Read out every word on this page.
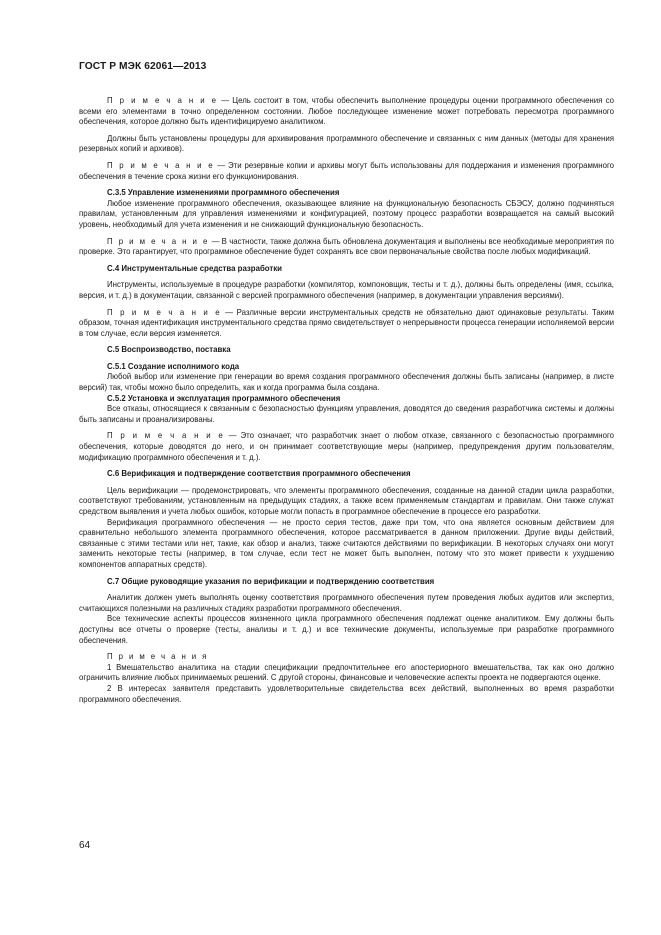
ГОСТ Р МЭК 62061—2013

П р и м е ч а н и е — Цель состоит в том, чтобы обеспечить выполнение процедуры оценки программного обеспечения со всеми его элементами в точно определенном состоянии. Любое последующее изменение может потребовать пересмотра программного обеспечения, которое должно быть идентифицируемо аналитиком.

Должны быть установлены процедуры для архивирования программного обеспечение и связанных с ним данных (методы для хранения резервных копий и архивов).

П р и м е ч а н и е — Эти резервные копии и архивы могут быть использованы для поддержания и изменения программного обеспечения в течение срока жизни его функционирования.

С.3.5 Управление изменениями программного обеспечения

Любое изменение программного обеспечения, оказывающее влияние на функциональную безопасность СБЭСУ, должно подчиняться правилам, установленным для управления изменениями и конфигурацией, поэтому процесс разработки возвращается на самый высокий уровень, необходимый для учета изменения и не снижающий функциональную безопасность.

П р и м е ч а н и е — В частности, также должна быть обновлена документация и выполнены все необходимые мероприятия по проверке. Это гарантирует, что программное обеспечение будет сохранять все свои первоначальные свойства после любых модификаций.

С.4 Инструментальные средства разработки

Инструменты, используемые в процедуре разработки (компилятор, компоновщик, тесты и т. д.), должны быть определены (имя, ссылка, версия, и т. д.) в документации, связанной с версией программного обеспечения (например, в документации управления версиями).

П р и м е ч а н и е — Различные версии инструментальных средств не обязательно дают одинаковые результаты. Таким образом, точная идентификация инструментального средства прямо свидетельствует о непрерывности процесса генерации исполняемой версии в том случае, если версия изменяется.

С.5 Воспроизводство, поставка
С.5.1 Создание исполнимого кода

Любой выбор или изменение при генерации во время создания программного обеспечения должны быть записаны (например, в листе версий) так, чтобы можно было определить, как и когда программа была создана.

С.5.2 Установка и эксплуатация программного обеспечения

Все отказы, относящиеся к связанным с безопасностью функциям управления, доводятся до сведения разработчика системы и должны быть записаны и проанализированы.

П р и м е ч а н и е — Это означает, что разработчик знает о любом отказе, связанного с безопасностью программного обеспечения, которые доводятся до него, и он принимает соответствующие меры (например, предупреждения другим пользователям, модификацию программного обеспечения и т. д.).

С.6 Верификация и подтверждение соответствия программного обеспечения

Цель верификации — продемонстрировать, что элементы программного обеспечения, созданные на данной стадии цикла разработки, соответствуют требованиям, установленным на предыдущих стадиях, а также всем применяемым стандартам и правилам. Они также служат средством выявления и учета любых ошибок, которые могли попасть в программное обеспечение в процессе его разработки.

Верификация программного обеспечения — не просто серия тестов, даже при том, что она является основным действием для сравнительно небольшого элемента программного обеспечения, которое рассматривается в данном приложении. Другие виды действий, связанные с этими тестами или нет, такие, как обзор и анализ, также считаются действиями по верификации. В некоторых случаях они могут заменить некоторые тесты (например, в том случае, если тест не может быть выполнен, потому что это может привести к ухудшению компонентов аппаратных средств).

С.7 Общие руководящие указания по верификации и подтверждению соответствия

Аналитик должен уметь выполнять оценку соответствия программного обеспечения путем проведения любых аудитов или экспертиз, считающихся полезными на различных стадиях разработки программного обеспечения.

Все технические аспекты процессов жизненного цикла программного обеспечения подлежат оценке аналитиком. Ему должны быть доступны все отчеты о проверке (тесты, анализы и т. д.) и все технические документы, используемые при разработке программного обеспечения.

П р и м е ч а н и я

1 Вмешательство аналитика на стадии спецификации предпочтительнее его апостериорного вмешательства, так как оно должно ограничить влияние любых принимаемых решений. С другой стороны, финансовые и человеческие аспекты проекта не подвергаются оценке.

2 В интересах заявителя представить удовлетворительные свидетельства всех действий, выполненных во время разработки программного обеспечения.

64
